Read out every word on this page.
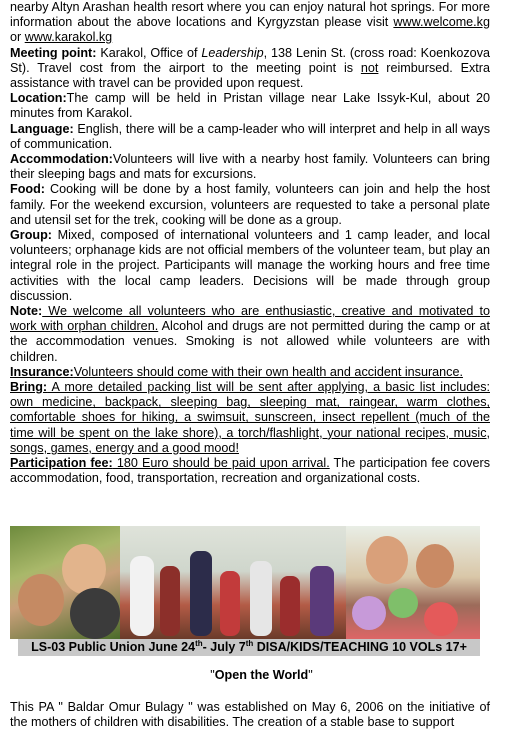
nearby Altyn Arashan health resort where you can enjoy natural hot springs. For more information about the above locations and Kyrgyzstan please visit www.welcome.kg or www.karakol.kg

Meeting point: Karakol, Office of Leadership, 138 Lenin St. (cross road: Koenkozova St). Travel cost from the airport to the meeting point is not reimbursed. Extra assistance with travel can be provided upon request.

Location:The camp will be held in Pristan village near Lake Issyk-Kul, about 20 minutes from Karakol.

Language: English, there will be a camp-leader who will interpret and help in all ways of communication.

Accommodation:Volunteers will live with a nearby host family. Volunteers can bring their sleeping bags and mats for excursions.

Food: Cooking will be done by a host family, volunteers can join and help the host family. For the weekend excursion, volunteers are requested to take a personal plate and utensil set for the trek, cooking will be done as a group.

Group: Mixed, composed of international volunteers and 1 camp leader, and local volunteers; orphanage kids are not official members of the volunteer team, but play an integral role in the project. Participants will manage the working hours and free time activities with the local camp leaders. Decisions will be made through group discussion.

Note: We welcome all volunteers who are enthusiastic, creative and motivated to work with orphan children. Alcohol and drugs are not permitted during the camp or at the accommodation venues. Smoking is not allowed while volunteers are with children.

Insurance:Volunteers should come with their own health and accident insurance.

Bring: A more detailed packing list will be sent after applying, a basic list includes: own medicine, backpack, sleeping bag, sleeping mat, raingear, warm clothes, comfortable shoes for hiking, a swimsuit, sunscreen, insect repellent (much of the time will be spent on the lake shore), a torch/flashlight, your national recipes, music, songs, games, energy and a good mood!

Participation fee: 180 Euro should be paid upon arrival. The participation fee covers accommodation, food, transportation, recreation and organizational costs.

LS-03 Public Union June 24th- July 7th DISA/KIDS/TEACHING 10 VOLs 17+
"Open the World"
This PA " Baldar Omur Bulagy " was established on May 6, 2006 on the initiative of the mothers of children with disabilities. The creation of a stable base to support
